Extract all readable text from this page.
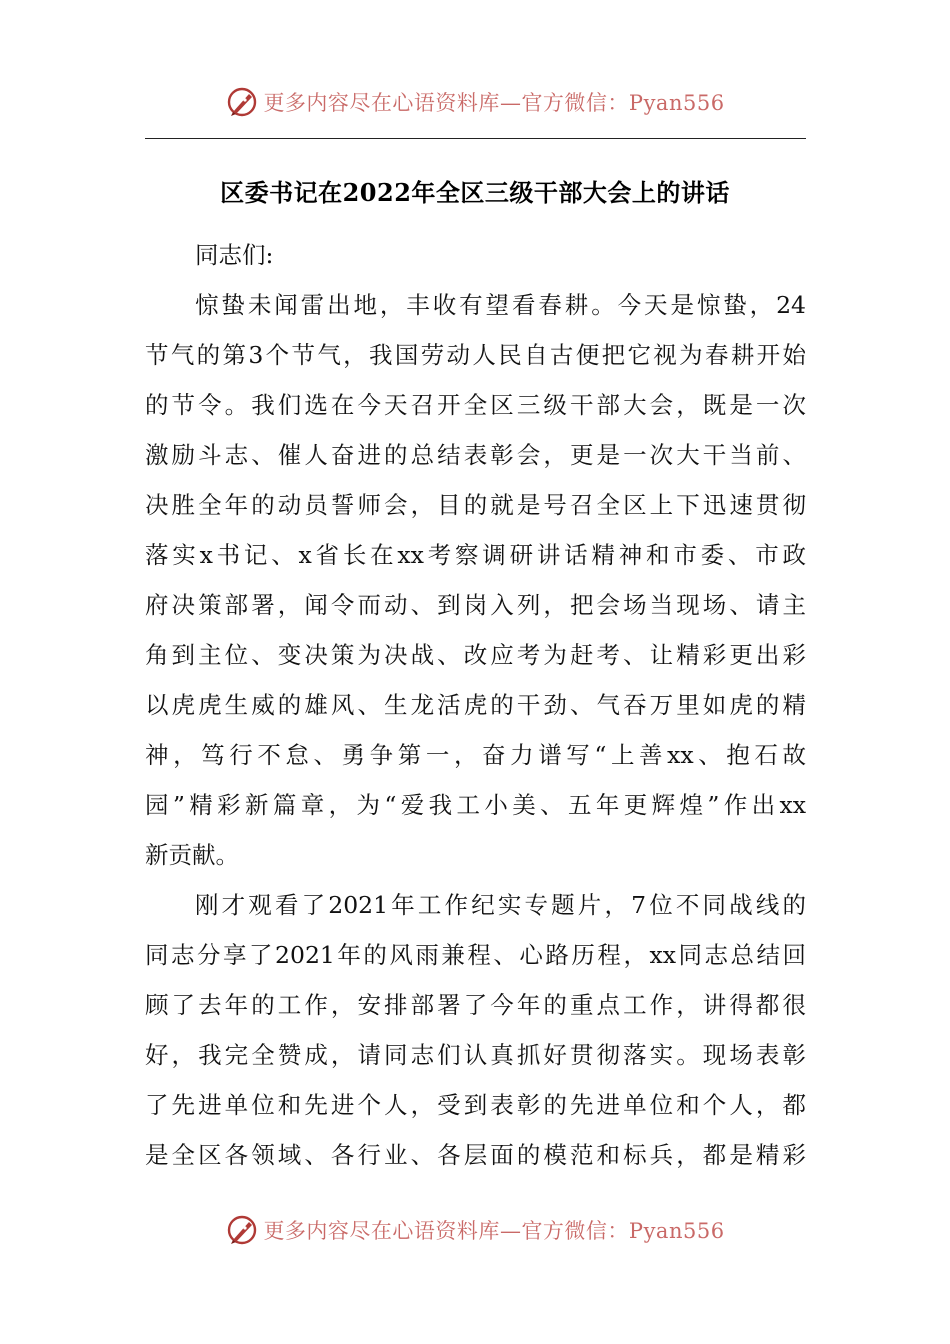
更多内容尽在心语资料库—官方微信：Pyan556
区委书记在2022年全区三级干部大会上的讲话
同志们:
惊蛰未闻雷出地，丰收有望看春耕。今天是惊蛰，24
节气的第3个节气，我国劳动人民自古便把它视为春耕开始
的节令。我们选在今天召开全区三级干部大会，既是一次
激励斗志、催人奋进的总结表彰会，更是一次大干当前、
决胜全年的动员誓师会，目的就是号召全区上下迅速贯彻
落实x书记、x省长在xx考察调研讲话精神和市委、市政
府决策部署，闻令而动、到岗入列，把会场当现场、请主
角到主位、变决策为决战、改应考为赶考、让精彩更出彩
以虎虎生威的雄风、生龙活虎的干劲、气吞万里如虎的精
神，笃行不怠、勇争第一，奋力谱写“上善xx、抱石故
园”精彩新篇章，为“爱我工小美、五年更辉煌”作出xx
新贡献。
刚才观看了2021年工作纪实专题片，7位不同战线的
同志分享了2021年的风雨兼程、心路历程，xx同志总结回
顾了去年的工作，安排部署了今年的重点工作，讲得都很
好，我完全赞成，请同志们认真抓好贯彻落实。现场表彰
了先进单位和先进个人，受到表彰的先进单位和个人，都
是全区各领域、各行业、各层面的模范和标兵，都是精彩
更多内容尽在心语资料库—官方微信：Pyan556
